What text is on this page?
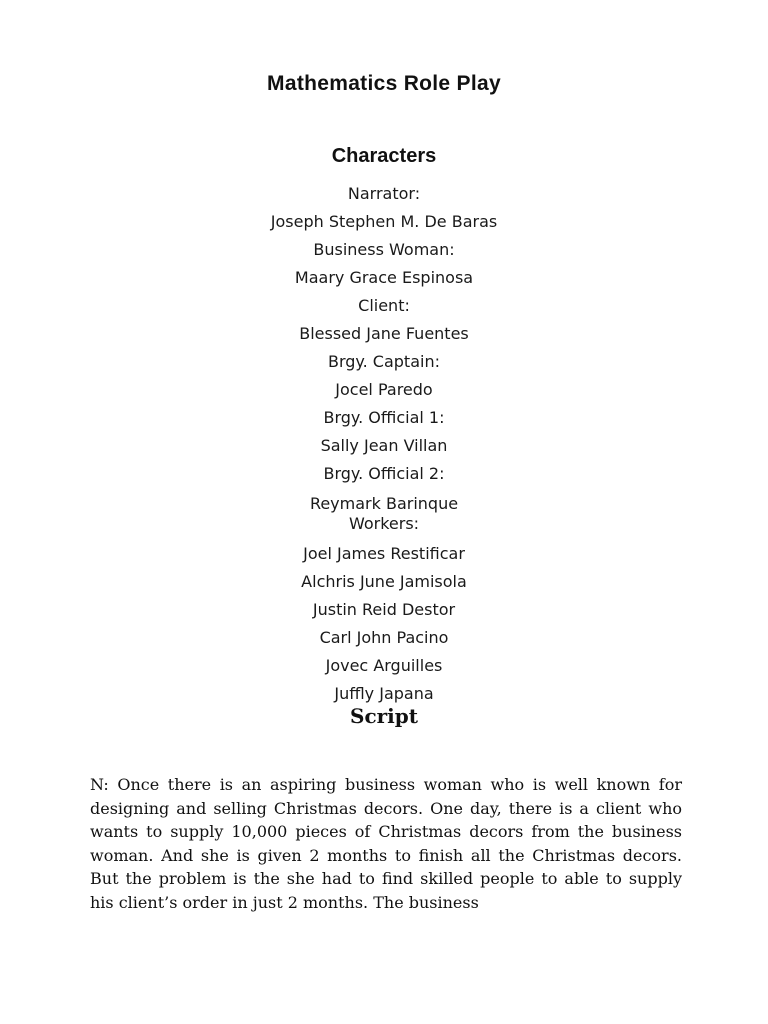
Mathematics Role Play
Characters
Narrator:
Joseph Stephen M. De Baras
Business Woman:
Maary Grace Espinosa
Client:
Blessed Jane Fuentes
Brgy. Captain:
Jocel Paredo
Brgy. Official 1:
Sally Jean Villan
Brgy. Official 2:
Reymark Barinque
Workers:
Joel James Restificar
Alchris June Jamisola
Justin Reid Destor
Carl John Pacino
Jovec Arguilles
Juffly Japana
Script

N: Once there is an aspiring business woman who is well known for designing and selling Christmas decors. One day, there is a client who wants to supply 10,000 pieces of Christmas decors from the business woman. And she is given 2 months to finish all the Christmas decors. But the problem is the she had to find skilled people to able to supply his client’s order in just 2 months. The business
